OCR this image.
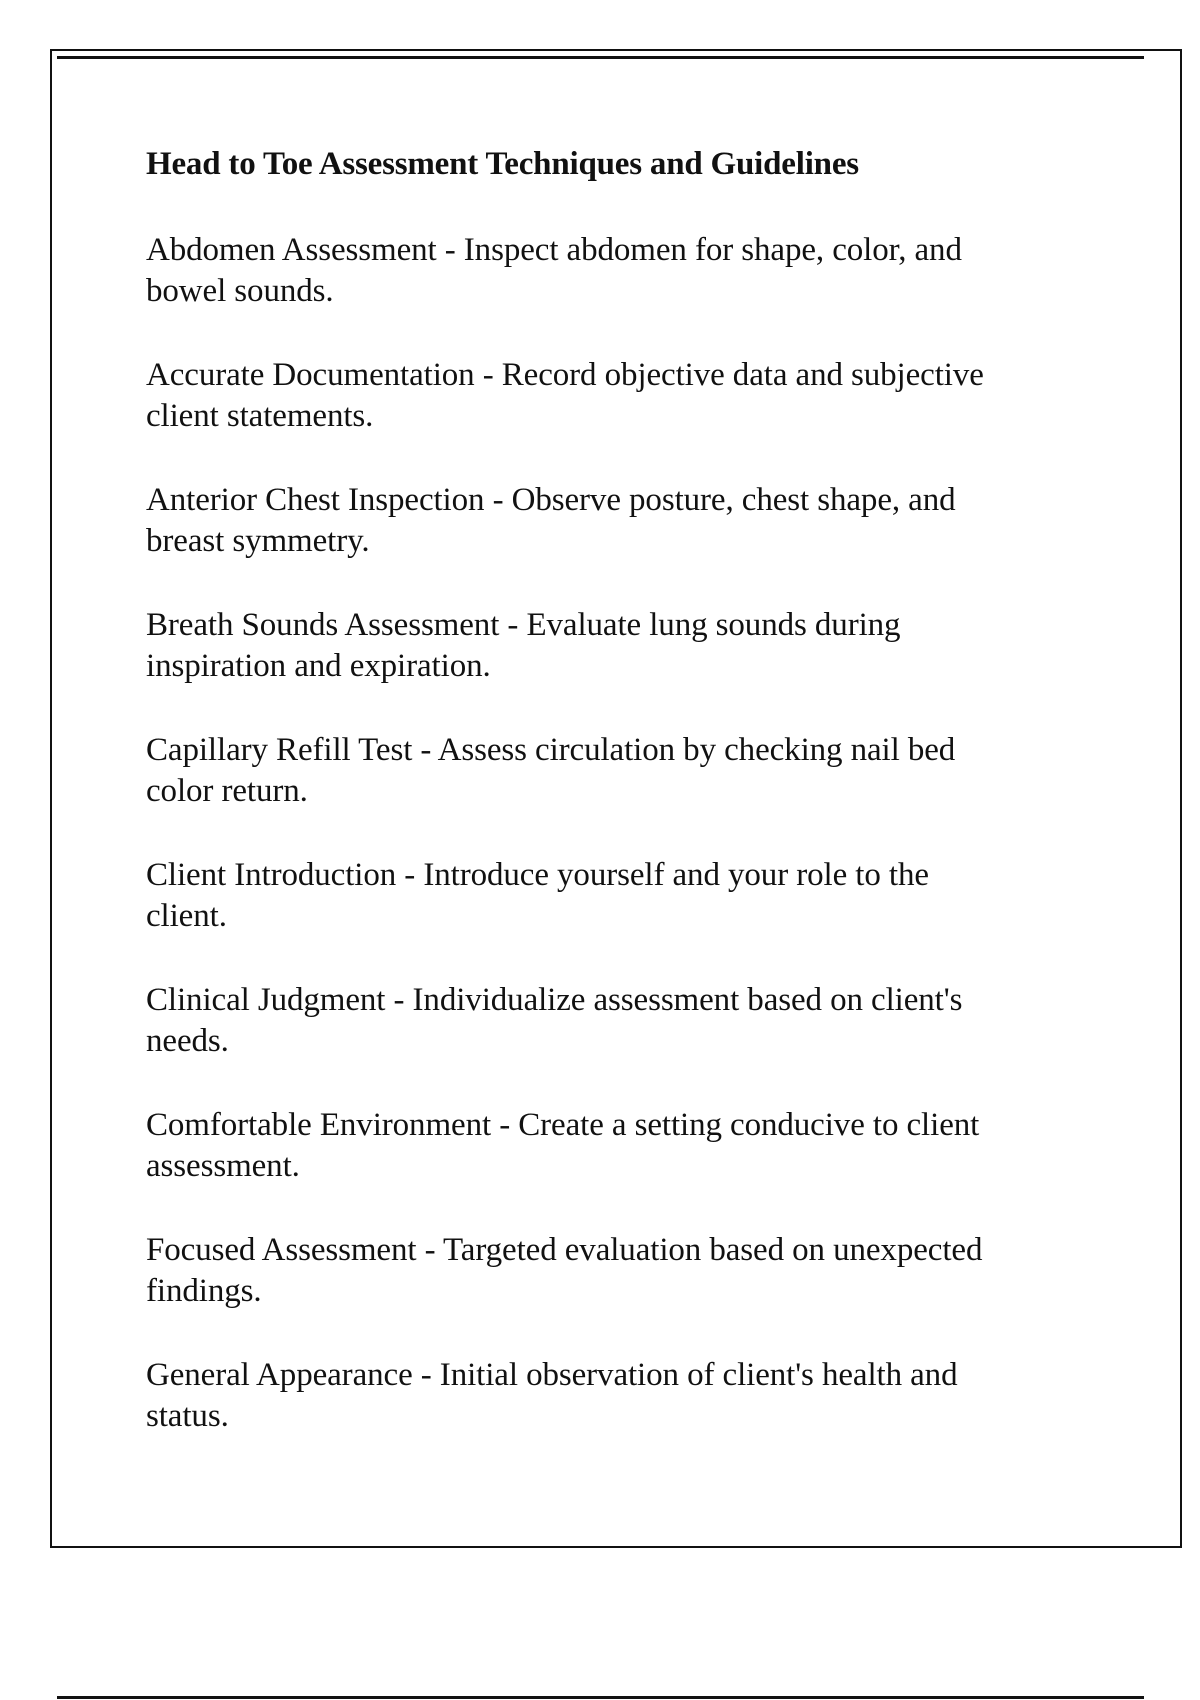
Head to Toe Assessment Techniques and Guidelines
Abdomen Assessment - Inspect abdomen for shape, color, and
bowel sounds.
Accurate Documentation - Record objective data and subjective
client statements.
Anterior Chest Inspection - Observe posture, chest shape, and
breast symmetry.
Breath Sounds Assessment - Evaluate lung sounds during
inspiration and expiration.
Capillary Refill Test - Assess circulation by checking nail bed
color return.
Client Introduction - Introduce yourself and your role to the
client.
Clinical Judgment - Individualize assessment based on client's
needs.
Comfortable Environment - Create a setting conducive to client
assessment.
Focused Assessment - Targeted evaluation based on unexpected
findings.
General Appearance - Initial observation of client's health and
status.
